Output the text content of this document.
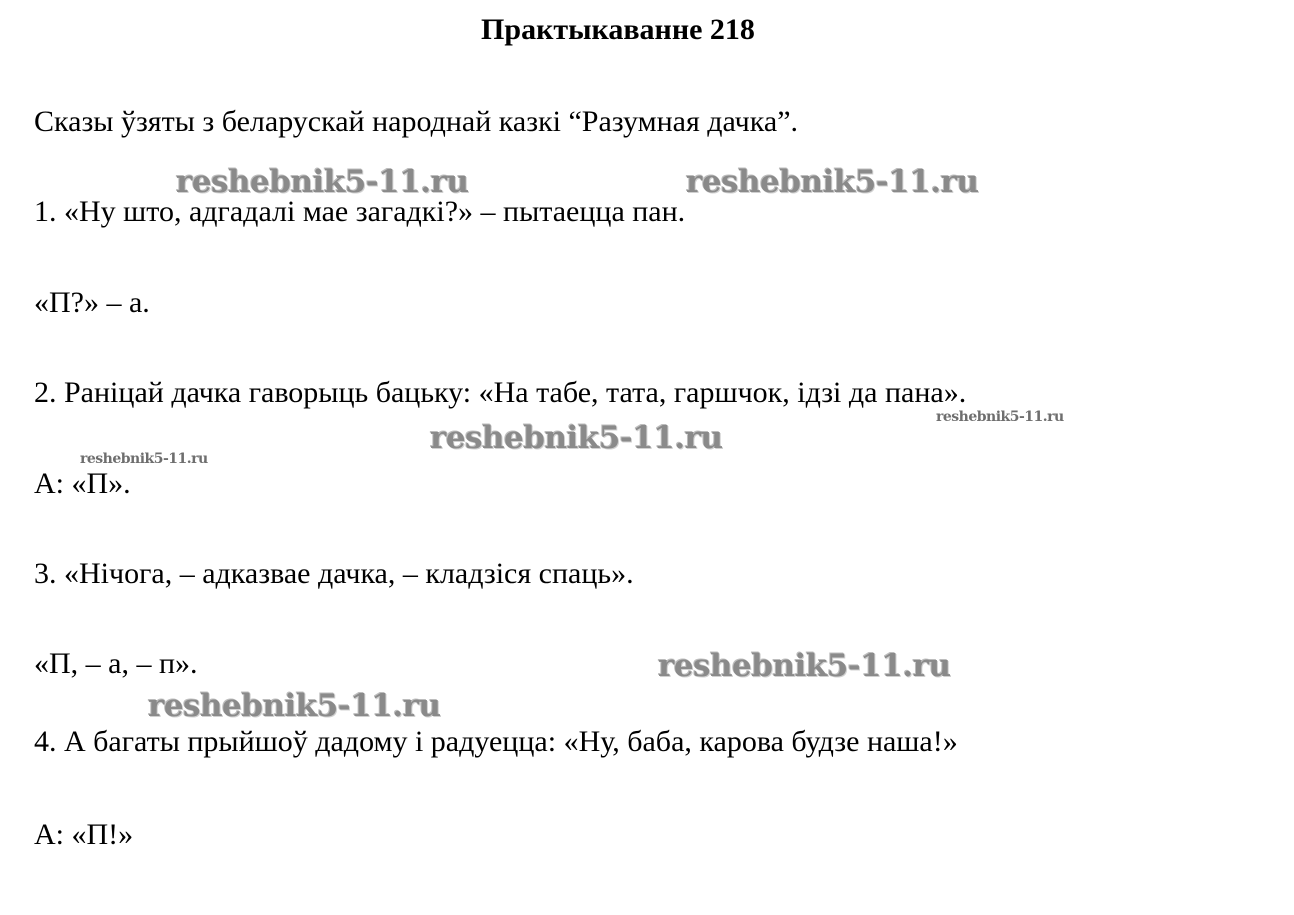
Практыкаванне 218
Сказы ўзяты з беларускай народнай казкі “Разумная дачка”.
1. «Ну што, адгадалі мае загадкі?» – пытаецца пан.
«П?» – а.
2. Раніцай дачка гаворыць бацьку: «На табе, тата, гаршчок, ідзі да пана».
А: «П».
3. «Нічога, – адказвае дачка, – кладзіся спаць».
«П, – а, – п».
4. А багаты прыйшоў дадому і радуецца: «Ну, баба, карова будзе наша!»
А: «П!»
reshebnik5-11.ru	reshebnik5-11.ru
reshebnik5-11.ru
reshebnik5-11.ru
reshebnik5-11.ru
reshebnik5-11.ru
reshebnik5-11.ru
